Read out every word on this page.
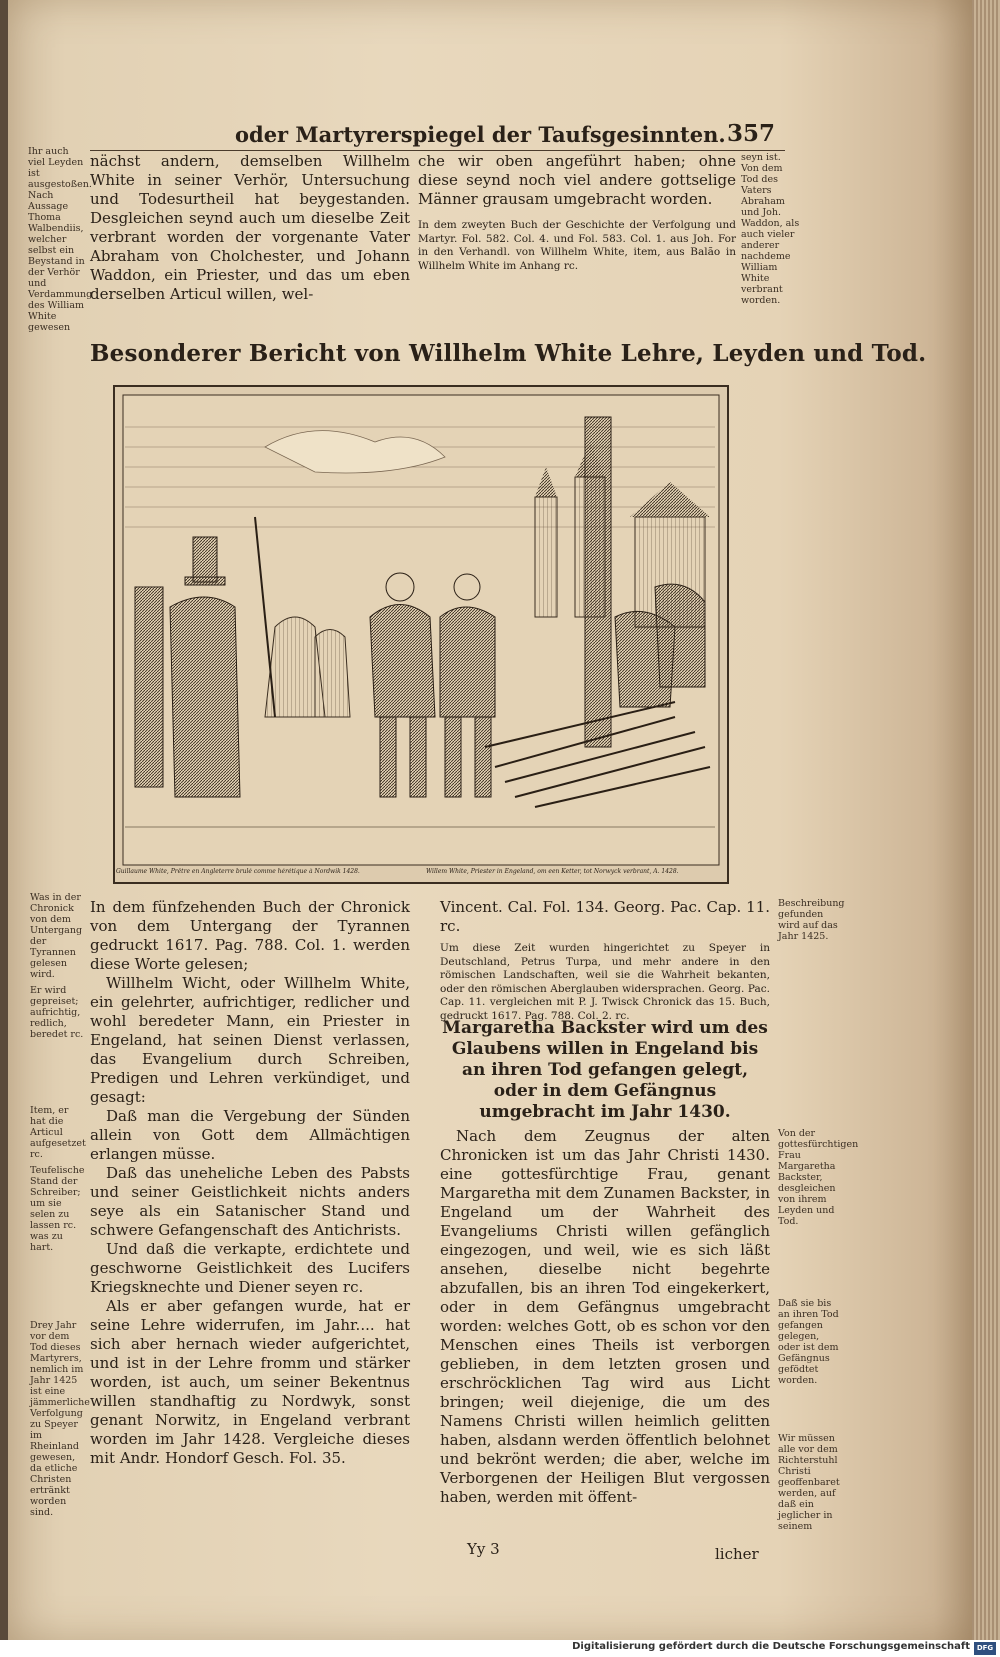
oder Martyrerspiegel der Taufsgesinnten. 357

Ihr auch viel Leyden ist ausgestoßen. Nach Aussage Thoma Walbendiis, welcher selbst ein Beystand in der Verhör und Verdammung des William White gewesen

nächst andern, demselben Willhelm White in seiner Verhör, Untersuchung und Todesurtheil hat beygestanden. Desgleichen seynd auch um dieselbe Zeit verbrant worden der vorgenante Vater Abraham von Cholchester, und Johann Waddon, ein Priester, und das um eben derselben Articul willen, wel-

che wir oben angeführt haben; ohne diese seynd noch viel andere gottselige Männer grausam umgebracht worden.

In dem zweyten Buch der Geschichte der Verfolgung und Martyr. Fol. 582. Col. 4. und Fol. 583. Col. 1. aus Joh. For in den Verhandl. von Willhelm White, item, aus Balão in Willhelm White im Anhang rc.

seyn ist. Von dem Tod des Vaters Abraham und Joh. Waddon, als auch vieler anderer nachdeme William White verbrant worden.

Besonderer Bericht von Willhelm White Lehre, Leyden und Tod.
Guillaume White, Prêtre en Angleterre brulé comme hérétique à Nordwik 1428.	Willem White, Priester in Engeland, om een Ketter, tot Norwyck verbrant, A. 1428.

Was in der Chronick von dem Untergang der Tyrannen gelesen wird.

Er wird gepreiset; aufrichtig, redlich, beredet rc.

Item, er hat die Articul aufgesetzet rc.

Teufelische Stand der Schreiber; um sie selen zu lassen rc. was zu hart.

Drey Jahr vor dem Tod dieses Martyrers, nemlich im Jahr 1425 ist eine jämmerliche Verfolgung zu Speyer im Rheinland gewesen, da etliche Christen ertränkt worden sind.

In dem fünfzehenden Buch der Chronick von dem Untergang der Tyrannen gedruckt 1617. Pag. 788. Col. 1. werden diese Worte gelesen;

Willhelm Wicht, oder Willhelm White, ein gelehrter, aufrichtiger, redlicher und wohl beredeter Mann, ein Priester in Engeland, hat seinen Dienst verlassen, das Evangelium durch Schreiben, Predigen und Lehren verkündiget, und gesagt:

Daß man die Vergebung der Sünden allein von Gott dem Allmächtigen erlangen müsse.

Daß das uneheliche Leben des Pabsts und seiner Geistlichkeit nichts anders seye als ein Satanischer Stand und schwere Gefangenschaft des Antichrists.

Und daß die verkapte, erdichtete und geschworne Geistlichkeit des Lucifers Kriegsknechte und Diener seyen rc.

Als er aber gefangen wurde, hat er seine Lehre widerrufen, im Jahr.... hat sich aber hernach wieder aufgerichtet, und ist in der Lehre fromm und stärker worden, ist auch, um seiner Bekentnus willen standhaftig zu Nordwyk, sonst genant Norwitz, in Engeland verbrant worden im Jahr 1428. Vergleiche dieses mit Andr. Hondorf Gesch. Fol. 35.

Vincent. Cal. Fol. 134. Georg. Pac. Cap. 11. rc.

Um diese Zeit wurden hingerichtet zu Speyer in Deutschland, Petrus Turpa, und mehr andere in den römischen Landschaften, weil sie die Wahrheit bekanten, oder den römischen Aberglauben widersprachen. Georg. Pac. Cap. 11. vergleichen mit P. J. Twisck Chronick das 15. Buch, gedruckt 1617. Pag. 788. Col. 2. rc.

Margaretha Backster wird um des Glaubens willen in Engeland bis an ihren Tod gefangen gelegt, oder in dem Gefängnus umgebracht im Jahr 1430.

Nach dem Zeugnus der alten Chronicken ist um das Jahr Christi 1430. eine gottesfürchtige Frau, genant Margaretha mit dem Zunamen Backster, in Engeland um der Wahrheit des Evangeliums Christi willen gefänglich eingezogen, und weil, wie es sich läßt ansehen, dieselbe nicht begehrte abzufallen, bis an ihren Tod eingekerkert, oder in dem Gefängnus umgebracht worden: welches Gott, ob es schon vor den Menschen eines Theils ist verborgen geblieben, in dem letzten grosen und erschröcklichen Tag wird aus Licht bringen; weil diejenige, die um des Namens Christi willen heimlich gelitten haben, alsdann werden öffentlich belohnet und bekrönt werden; die aber, welche im Verborgenen der Heiligen Blut vergossen haben, werden mit öffent-

Beschreibung gefunden wird auf das Jahr 1425.

Von der gottesfürchtigen Frau Margaretha Backster, desgleichen von ihrem Leyden und Tod.

Daß sie bis an ihren Tod gefangen gelegen, oder ist dem Gefängnus gefödtet worden.

Wir müssen alle vor dem Richterstuhl Christi geoffenbaret werden, auf daß ein jeglicher in seinem

Yy 3	licher
Digitalisierung gefördert durch die Deutsche Forschungsgemeinschaft DFG
